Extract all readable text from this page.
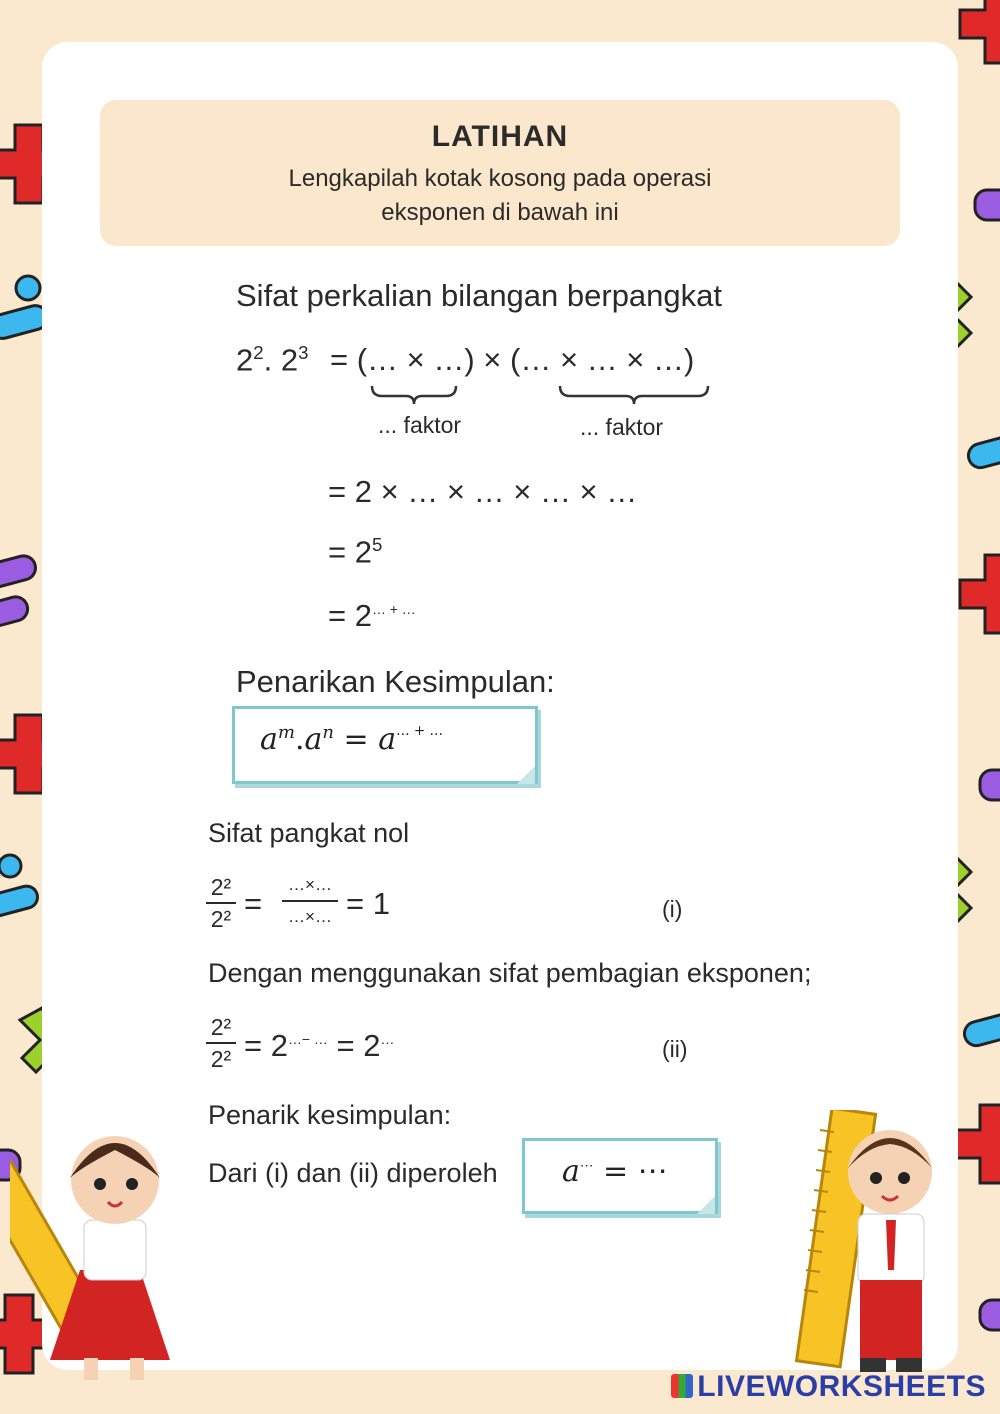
LATIHAN
Lengkapilah kotak kosong pada operasi
eksponen di bawah ini
Sifat perkalian bilangan berpangkat
$2^2$. $2^3$ = (… × …) × (… × … × …)
... faktor	... faktor
= 2 × … × … × … × …
= $2^5$
= 2… + …
Penarikan Kesimpulan:
$a^m.a^n = a^{\dots + \dots}$
Sifat pangkat nol
2²
2² =
…×…
…×… = 1	(i)
Dengan menggunakan sifat pembagian eksponen;
2²
2² = 2…− … = 2…	(ii)
Penarik kesimpulan:
Dari (i) dan (ii) diperoleh a⋯ = ⋯
LIVEWORKSHEETS
